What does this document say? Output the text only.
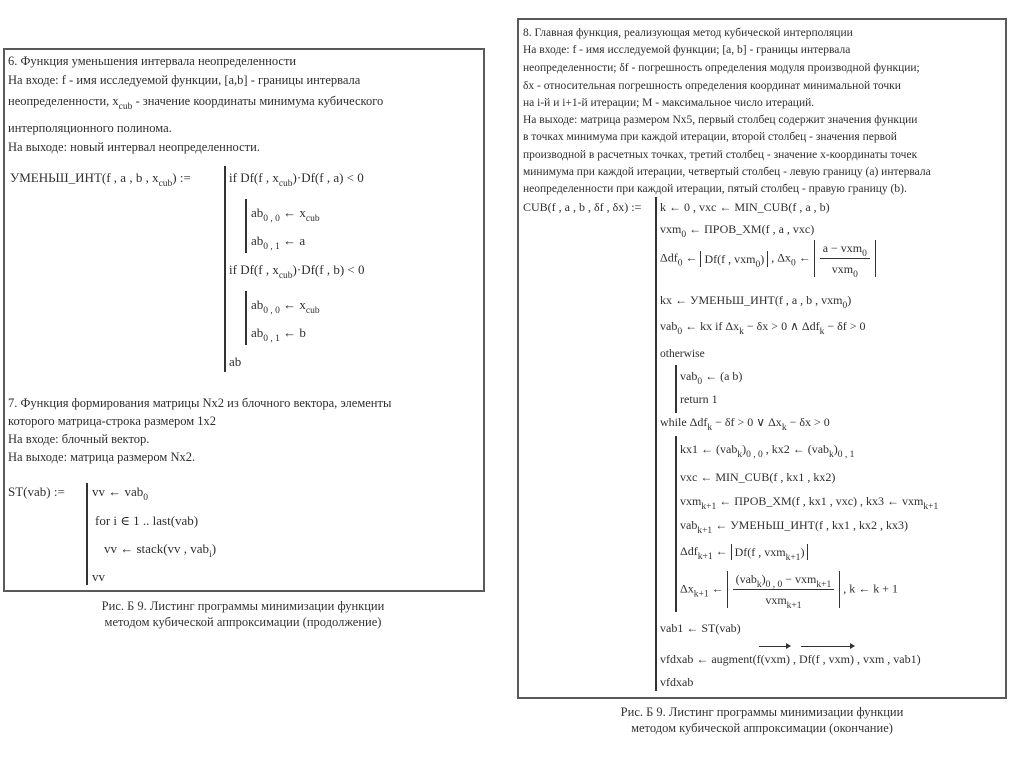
6. Функция уменьшения интервала неопределенности
На входе: f - имя исследуемой функции, [a,b] - границы интервала
неопределенности, $x_{cub}$ - значение координаты минимума кубического
интерполяционного полинома.
На выходе: новый интервал неопределенности.
УМЕНЬШ_ИНТ(f , a , b , $x_{cub}$) :=	if Df(f , $x_{cub})\cdot Df(f$ , a) < 0
$ab_{0 , 0}$ ← $x_{cub}$
$ab_{0 , 1}$ ← a
if Df(f , $x_{cub})\cdot Df(f$ , b) < 0
$ab_{0 , 0}$ ← $x_{cub}$
$ab_{0 , 1}$ ← b
ab
7. Функция формирования матрицы Nx2 из блочного вектора, элементы
которого матрица-строка размером 1x2
На входе: блочный вектор.
На выходе: матрица размером Nx2.
ST(vab) := vv ← vab$_0$
for i ∈ 1 .. last(vab)
vv ← stack(vv , vab$_i$)
vv
Рис. Б 9. Листинг программы минимизации функции
методом кубической аппроксимации (продолжение)
8. Главная функция, реализующая метод кубической интерполяции
На входе: f - имя исследуемой функции; [a, b] - границы интервала
неопределенности; δf - погрешность определения модуля производной функции;
δx - относительная погрешность определения координат минимальной точки
на i-й и i+1-й итерации; M - максимальное число итераций.
На выходе: матрица размером Nx5, первый столбец содержит значения функции
в точках минимума при каждой итерации, второй столбец - значения первой
производной в расчетных точках, третий столбец - значение x-координаты точек
минимума при каждой итерации, четвертый столбец - левую границу (a) интервала
неопределенности при каждой итерации, пятый столбец - правую границу (b).
CUB(f , a , b , δf , δx) := k ← 0 , vxc ← MIN_CUB(f , a , b)
vxm$_0$ ← ПРОВ_XM(f , a , vxc)
Δdf$_0$ ← Df(f , vxm$_0$) , $\Delta x_0$ ← $\frac{a - vxm_0}{vxm_0}$
kx ← УМЕНЬШ_ИНТ(f , a , b , vxm$_0$)
vab$_0$ ← kx if $\Delta x_k - \delta x > 0$ ∧ Δdf$_k$ − δf > 0
otherwise
vab$_0$ ← (a b)
return 1
while Δdf$_k$ − δf > 0 ∨ $\Delta x_k - \delta x > 0$
kx1 ← $(vab_k)_{0 , 0}$ , kx2 ← $(vab_k)_{0 , 1}$
vxc ← MIN_CUB(f , kx1 , kx2)
vxm$_{k+1}$ ← ПРОВ_XM(f , kx1 , vxc) , kx3 ← vxm$_{k+1}$
vab$_{k+1}$ ← УМЕНЬШ_ИНТ(f , kx1 , kx2 , kx3)
Δdf$_{k+1}$ ← Df(f , vxm$_{k+1}$)
$\Delta x_{k+1}$ ← $\frac{(vab_k)_{0 , 0} - vxm_{k+1}}{vxm_{k+1}}$ , k ← k + 1
vab1 ← ST(vab)
vfdxab ← augment(f(vxm) , Df(f , vxm) , vxm , vab1)
vfdxab
Рис. Б 9. Листинг программы минимизации функции
методом кубической аппроксимации (окончание)
